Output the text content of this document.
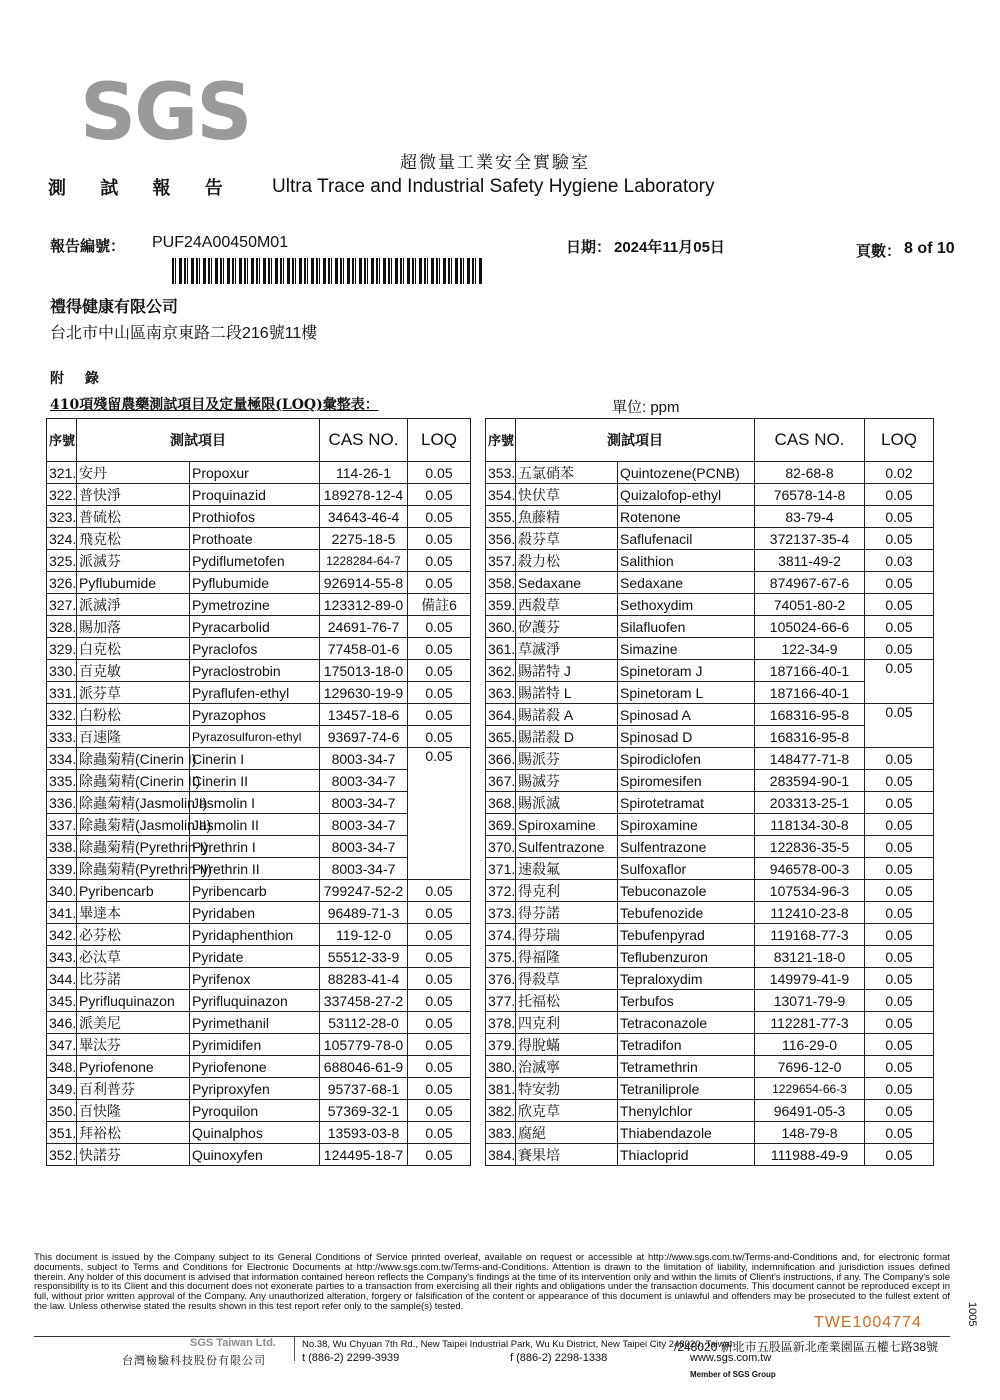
SGS
超微量工業安全實驗室
測 試 報 告 Ultra Trace and Industrial Safety Hygiene Laboratory
報告編號： PUF24A00450M01	日期： 2024年11月05日	頁數： 8 of 10
禮得健康有限公司
台北市中山區南京東路二段216號11樓
附 錄
410項殘留農藥測試項目及定量極限(LOQ)彙整表：	單位: ppm
序號	測試項目		CAS NO.	LOQ
321.	安丹	Propoxur	114-26-1	0.05
322.	普快淨	Proquinazid	189278-12-4	0.05
323.	普硫松	Prothiofos	34643-46-4	0.05
324.	飛克松	Prothoate	2275-18-5	0.05
325.	派滅芬	Pydiflumetofen	1228284-64-7	0.05
326.	Pyflubumide	Pyflubumide	926914-55-8	0.05
327.	派滅淨	Pymetrozine	123312-89-0	備註6
328.	賜加落	Pyracarbolid	24691-76-7	0.05
329.	白克松	Pyraclofos	77458-01-6	0.05
330.	百克敏	Pyraclostrobin	175013-18-0	0.05
331.	派芬草	Pyraflufen-ethyl	129630-19-9	0.05
332.	白粉松	Pyrazophos	13457-18-6	0.05
333.	百速隆	Pyrazosulfuron-ethyl	93697-74-6	0.05
334.	除蟲菊精(Cinerin I)	Cinerin I	8003-34-7	0.05
335.	除蟲菊精(Cinerin II)	Cinerin II	8003-34-7	
336.	除蟲菊精(Jasmolin I)	Jasmolin I	8003-34-7	
337.	除蟲菊精(Jasmolin II)	Jasmolin II	8003-34-7	
338.	除蟲菊精(Pyrethrin I)	Pyrethrin I	8003-34-7	
339.	除蟲菊精(Pyrethrin II)	Pyrethrin II	8003-34-7	
340.	Pyribencarb	Pyribencarb	799247-52-2	0.05
341.	畢達本	Pyridaben	96489-71-3	0.05
342.	必芬松	Pyridaphenthion	119-12-0	0.05
343.	必汰草	Pyridate	55512-33-9	0.05
344.	比芬諾	Pyrifenox	88283-41-4	0.05
345.	Pyrifluquinazon	Pyrifluquinazon	337458-27-2	0.05
346.	派美尼	Pyrimethanil	53112-28-0	0.05
347.	畢汰芬	Pyrimidifen	105779-78-0	0.05
348.	Pyriofenone	Pyriofenone	688046-61-9	0.05
349.	百利普芬	Pyriproxyfen	95737-68-1	0.05
350.	百快隆	Pyroquilon	57369-32-1	0.05
351.	拜裕松	Quinalphos	13593-03-8	0.05
352.	快諾芬	Quinoxyfen	124495-18-7	0.05
序號	測試項目		CAS NO.	LOQ
353.	五氯硝苯	Quintozene(PCNB)	82-68-8	0.02
354.	快伏草	Quizalofop-ethyl	76578-14-8	0.05
355.	魚藤精	Rotenone	83-79-4	0.05
356.	殺芬草	Saflufenacil	372137-35-4	0.05
357.	殺力松	Salithion	3811-49-2	0.03
358.	Sedaxane	Sedaxane	874967-67-6	0.05
359.	西殺草	Sethoxydim	74051-80-2	0.05
360.	矽護芬	Silafluofen	105024-66-6	0.05
361.	草滅淨	Simazine	122-34-9	0.05
362.	賜諾特 J	Spinetoram J	187166-40-1	0.05
363.	賜諾特 L	Spinetoram L	187166-40-1	
364.	賜諾殺 A	Spinosad A	168316-95-8	0.05
365.	賜諾殺 D	Spinosad D	168316-95-8	
366.	賜派芬	Spirodiclofen	148477-71-8	0.05
367.	賜滅芬	Spiromesifen	283594-90-1	0.05
368.	賜派滅	Spirotetramat	203313-25-1	0.05
369.	Spiroxamine	Spiroxamine	118134-30-8	0.05
370.	Sulfentrazone	Sulfentrazone	122836-35-5	0.05
371.	速殺氟	Sulfoxaflor	946578-00-3	0.05
372.	得克利	Tebuconazole	107534-96-3	0.05
373.	得芬諾	Tebufenozide	112410-23-8	0.05
374.	得芬瑞	Tebufenpyrad	119168-77-3	0.05
375.	得福隆	Teflubenzuron	83121-18-0	0.05
376.	得殺草	Tepraloxydim	149979-41-9	0.05
377.	托福松	Terbufos	13071-79-9	0.05
378.	四克利	Tetraconazole	112281-77-3	0.05
379.	得脫蟎	Tetradifon	116-29-0	0.05
380.	治滅寧	Tetramethrin	7696-12-0	0.05
381.	特安勃	Tetraniliprole	1229654-66-3	0.05
382.	欣克草	Thenylchlor	96491-05-3	0.05
383.	腐絕	Thiabendazole	148-79-8	0.05
384.	賽果培	Thiacloprid	111988-49-9	0.05
This document is issued by the Company subject to its General Conditions of Service printed overleaf, available on request or accessible at http://www.sgs.com.tw/Terms-and-Conditions and, for electronic format documents, subject to Terms and Conditions for Electronic Documents at http://www.sgs.com.tw/Terms-and-Conditions. Attention is drawn to the limitation of liability, indemnification and jurisdiction issues defined therein. Any holder of this document is advised that information contained hereon reflects the Company's findings at the time of its intervention only and within the limits of Client's instructions, if any. The Company's sole responsibility is to its Client and this document does not exonerate parties to a transaction from exercising all their rights and obligations under the transaction documents. This document cannot be reproduced except in full, without prior written approval of the Company. Any unauthorized alteration, forgery or falsification of the content or appearance of this document is unlawful and offenders may be prosecuted to the fullest extent of the law. Unless otherwise stated the results shown in this test report refer only to the sample(s) tested.
SGS Taiwan Ltd.
台灣檢驗科技股份有限公司
No.38, Wu Chyuan 7th Rd., New Taipei Industrial Park, Wu Ku District, New Taipei City 248020, Taiwan
/248020 新北市五股區新北產業園區五權七路38號
t (886-2) 2299-3939	f (886-2) 2298-1338	www.sgs.com.tw
Member of SGS Group
TWE1004774	1005
